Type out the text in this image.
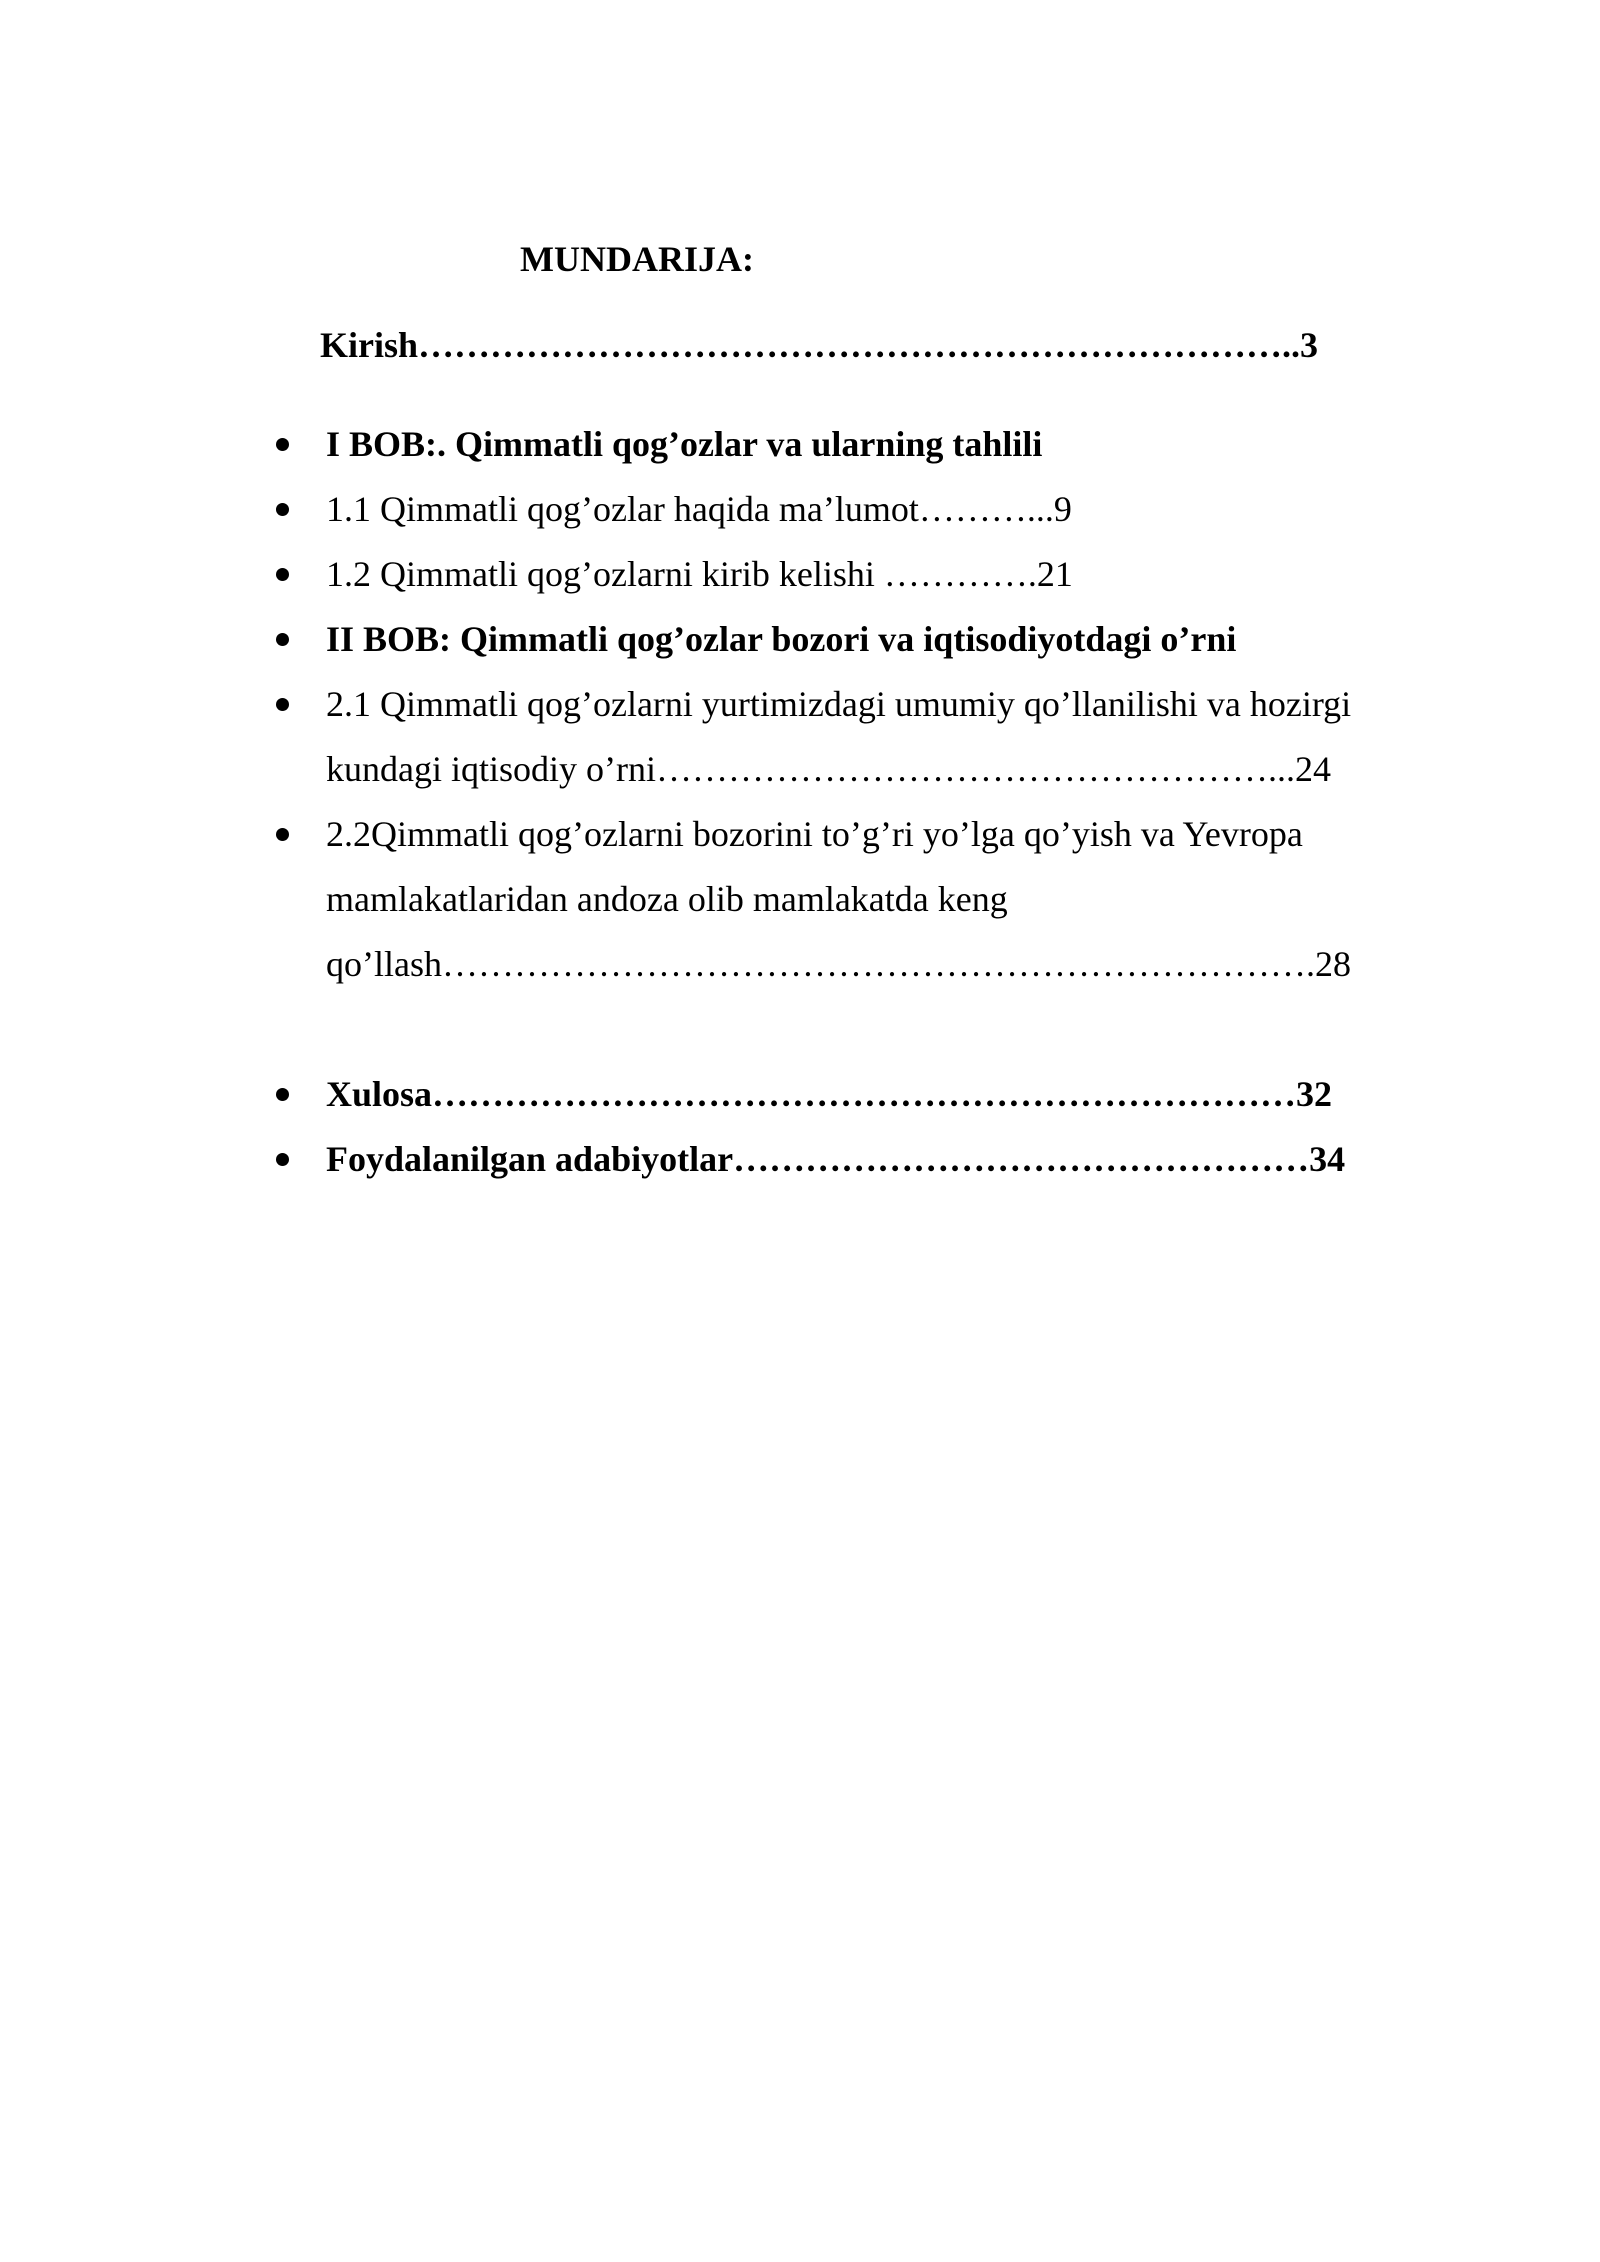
MUNDARIJA:
Kirish………………………………………………………………..3
I BOB:. Qimmatli qog’ozlar va ularning tahlili
1.1 Qimmatli qog’ozlar haqida ma’lumot………...9
1.2 Qimmatli qog’ozlarni kirib kelishi ………….21
II BOB: Qimmatli qog’ozlar bozori va iqtisodiyotdagi o’rni
2.1 Qimmatli qog’ozlarni yurtimizdagi umumiy qo’llanilishi va hozirgi
kundagi iqtisodiy o’rni……………………………………………...24
2.2Qimmatli qog’ozlarni bozorini to’g’ri yo’lga qo’yish va Yevropa
mamlakatlaridan andoza olib mamlakatda keng
qo’llash……………………………………………………………….28
Xulosa………………………………………………………………32
Foydalanilgan adabiyotlar…………………………………………34
